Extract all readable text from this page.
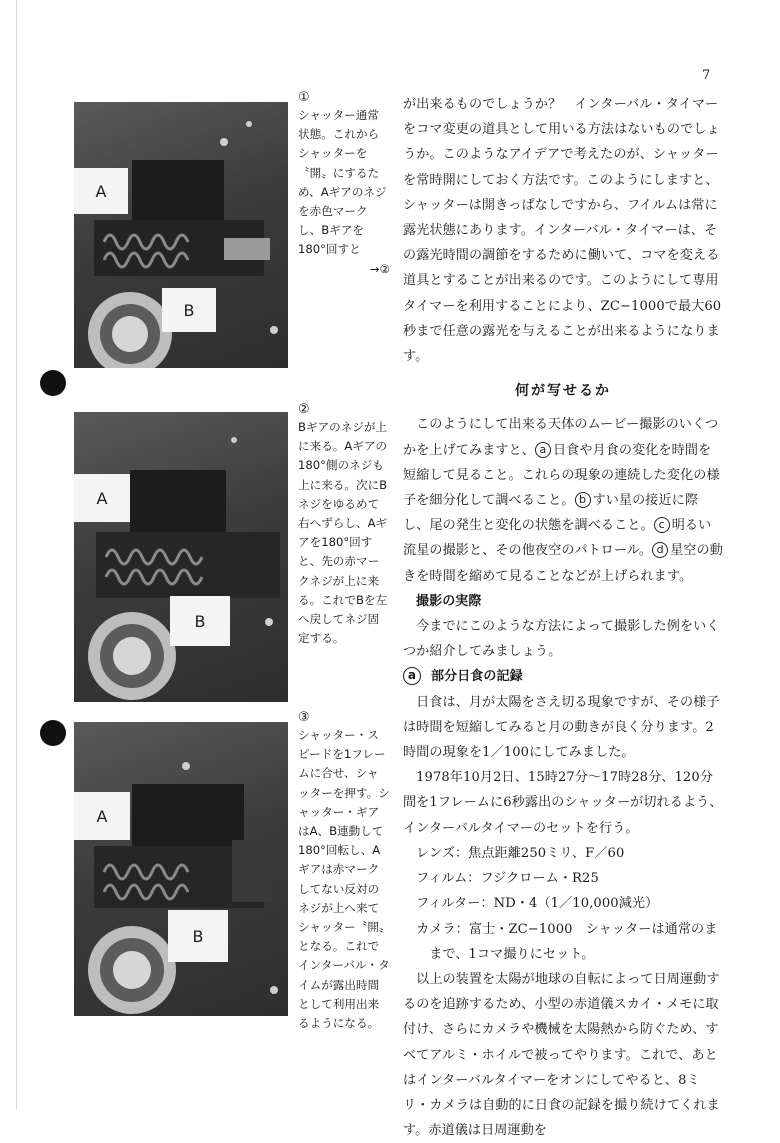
7
A
B
A
B
A
B
①
シャッター通常状態。これからシャッターを〝開〟にするため、Aギアのネジを赤色マークし、Bギアを180°回すと
→②
②
Bギアのネジが上に来る。Aギアの180°側のネジも上に来る。次にBネジをゆるめて右へずらし、Aギアを180°回すと、先の赤マークネジが上に来る。これでBを左へ戻してネジ固定する。
③
シャッター・スピードを1フレームに合せ、シャッターを押す。シャッター・ギアはA、B連動して180°回転し、Aギアは赤マークしてない反対のネジが上へ来てシャッター〝開〟となる。これでインターバル・タイムが露出時間として利用出来るようになる。

が出来るものでしょうか？　インターバル・タイマーをコマ変更の道具として用いる方法はないものでしょうか。このようなアイデアで考えたのが、シャッターを常時開にしておく方法です。このようにしますと、シャッターは開きっぱなしですから、フイルムは常に露光状態にあります。インターバル・タイマーは、その露光時間の調節をするために働いて、コマを変える道具とすることが出来るのです。このようにして専用タイマーを利用することにより、ZC−1000で最大60秒まで任意の露光を与えることが出来るようになります。

何が写せるか

このようにして出来る天体のムービー撮影のいくつかを上げてみますと、 a 日食や月食の変化を時間を短縮して見ること。これらの現象の連続した変化の様子を細分化して調べること。 b すい星の接近に際し、尾の発生と変化の状態を調べること。 c 明るい流星の撮影と、その他夜空のパトロール。 d 星空の動きを時間を縮めて見ることなどが上げられます。

撮影の実際

今までにこのような方法によって撮影した例をいくつか紹介してみましょう。

a 部分日食の記録

日食は、月が太陽をさえ切る現象ですが、その様子は時間を短縮してみると月の動きが良く分ります。2時間の現象を1／100にしてみました。

1978年10月2日、15時27分〜17時28分、120分間を1フレームに6秒露出のシャッターが切れるよう、インターバルタイマーのセットを行う。

レンズ：焦点距離250ミリ、F／60

フィルム：フジクローム・R25

フィルター：ND・4（1／10,000減光）

カメラ：富士・ZC−1000　シャッターは通常のままで、1コマ撮りにセット。

以上の装置を太陽が地球の自転によって日周運動するのを追跡するため、小型の赤道儀スカイ・メモに取付け、さらにカメラや機械を太陽熱から防ぐため、すべてアルミ・ホイルで被ってやります。これで、あとはインターバルタイマーをオンにしてやると、8ミリ・カメラは自動的に日食の記録を撮り続けてくれます。赤道儀は日周運動を
